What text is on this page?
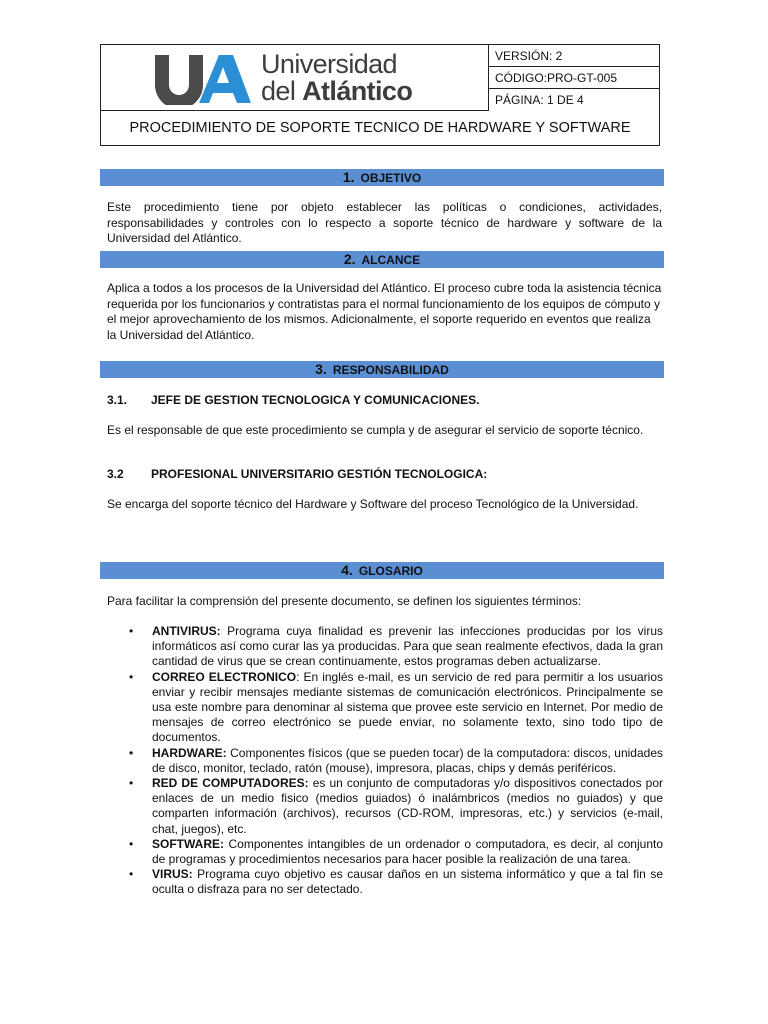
Universidad
del Atlántico
VERSIÓN: 2
CÓDIGO:PRO-GT-005
PÁGINA: 1 DE 4
PROCEDIMIENTO DE SOPORTE TECNICO DE HARDWARE Y SOFTWARE
1. OBJETIVO

Este procedimiento tiene por objeto establecer las políticas o condiciones, actividades, responsabilidades y controles con lo respecto a soporte técnico de hardware y software de la Universidad del Atlántico.

2. ALCANCE

Aplica a todos a los procesos de la Universidad del Atlántico. El proceso cubre toda la asistencia técnica requerida por los funcionarios y contratistas para el normal funcionamiento de los equipos de cómputo y el mejor aprovechamiento de los mismos. Adicionalmente, el soporte requerido en eventos que realiza la Universidad del Atlántico.

3. RESPONSABILIDAD
3.1. JEFE DE GESTION TECNOLOGICA Y COMUNICACIONES.

Es el responsable de que este procedimiento se cumpla y de asegurar el servicio de soporte técnico.

3.2 PROFESIONAL UNIVERSITARIO GESTIÓN TECNOLOGICA:

Se encarga del soporte técnico del Hardware y Software del proceso Tecnológico de la Universidad.

4. GLOSARIO

Para facilitar la comprensión del presente documento, se definen los siguientes términos:

• ANTIVIRUS: Programa cuya finalidad es prevenir las infecciones producidas por los virus informáticos así como curar las ya producidas. Para que sean realmente efectivos, dada la gran cantidad de virus que se crean continuamente, estos programas deben actualizarse.
• CORREO ELECTRONICO: En inglés e-mail, es un servicio de red para permitir a los usuarios enviar y recibir mensajes mediante sistemas de comunicación electrónicos. Principalmente se usa este nombre para denominar al sistema que provee este servicio en Internet. Por medio de mensajes de correo electrónico se puede enviar, no solamente texto, sino todo tipo de documentos.
• HARDWARE: Componentes físicos (que se pueden tocar) de la computadora: discos, unidades de disco, monitor, teclado, ratón (mouse), impresora, placas, chips y demás periféricos.
• RED DE COMPUTADORES: es un conjunto de computadoras y/o dispositivos conectados por enlaces de un medio fisico (medios guiados) ó inalámbricos (medios no guiados) y que comparten información (archivos), recursos (CD-ROM, impresoras, etc.) y servicios (e-mail, chat, juegos), etc.
• SOFTWARE: Componentes intangibles de un ordenador o computadora, es decir, al conjunto de programas y procedimientos necesarios para hacer posible la realización de una tarea.
• VIRUS: Programa cuyo objetivo es causar daños en un sistema informático y que a tal fin se oculta o disfraza para no ser detectado.
